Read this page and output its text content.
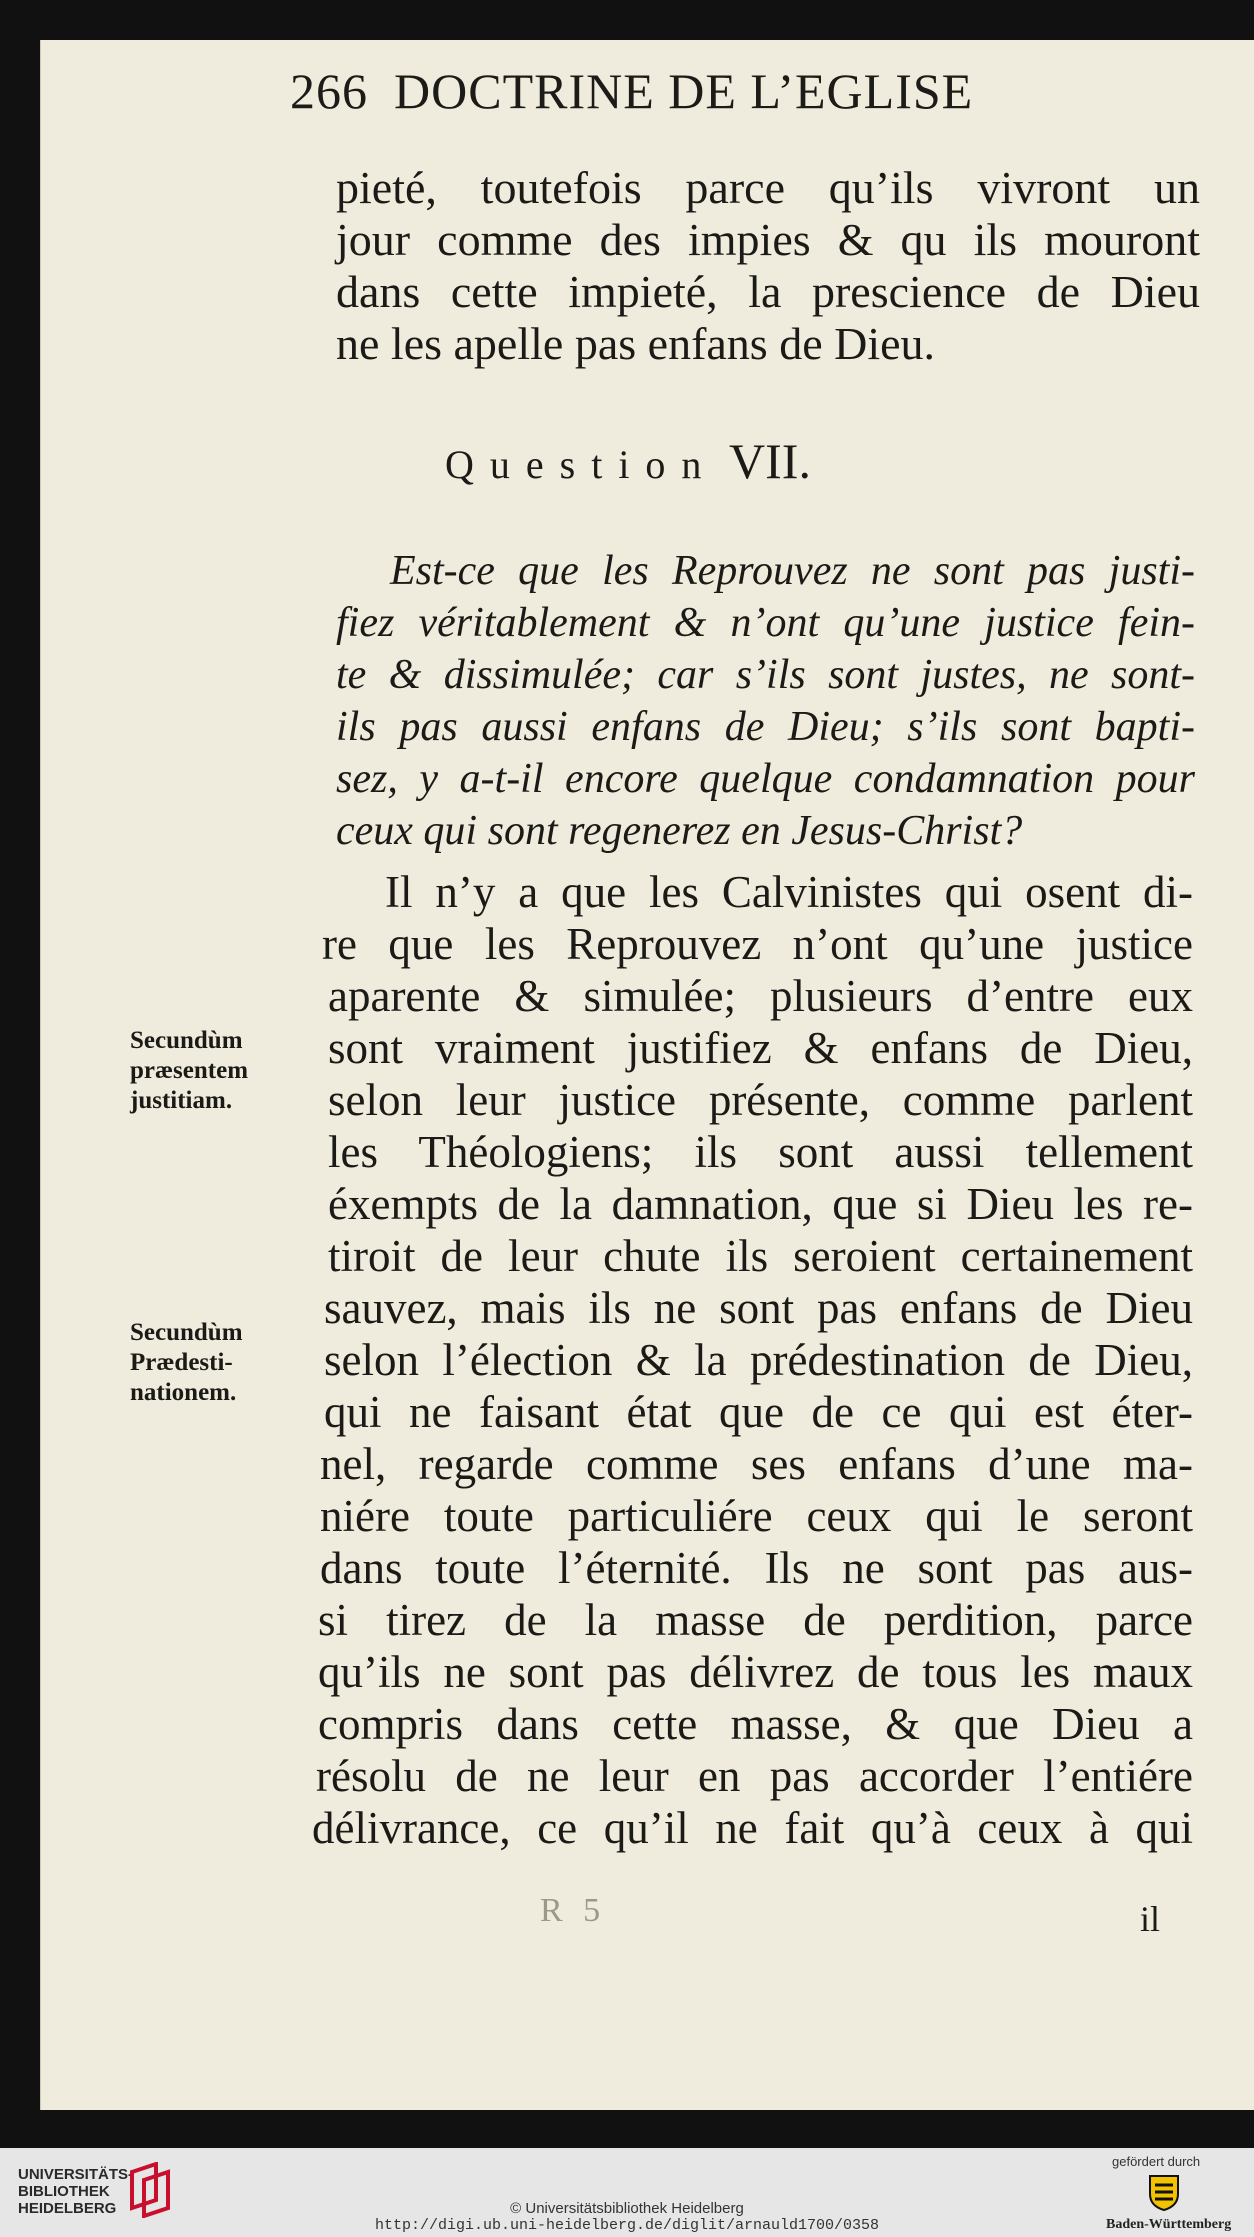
266 DOCTRINE DE L’EGLISE
pieté, toutefois parce qu’ils vivront un
jour comme des impies & qu ils mouront
dans cette impieté, la prescience de Dieu
ne les apelle pas enfans de Dieu.
Question VII.
Est-ce que les Reprouvez ne sont pas justi-
fiez véritablement & n’ont qu’une justice fein-
te & dissimulée; car s’ils sont justes, ne sont-
ils pas aussi enfans de Dieu; s’ils sont bapti-
sez, y a-t-il encore quelque condamnation pour
ceux qui sont regenerez en Jesus-Christ?
Il n’y a que les Calvinistes qui osent di-
re que les Reprouvez n’ont qu’une justice
aparente & simulée; plusieurs d’entre eux
sont vraiment justifiez & enfans de Dieu,
selon leur justice présente, comme parlent
les Théologiens; ils sont aussi tellement
éxempts de la damnation, que si Dieu les re-
tiroit de leur chute ils seroient certainement
sauvez, mais ils ne sont pas enfans de Dieu
selon l’élection & la prédestination de Dieu,
qui ne faisant état que de ce qui est éter-
nel, regarde comme ses enfans d’une ma-
niére toute particuliére ceux qui le seront
dans toute l’éternité. Ils ne sont pas aus-
si tirez de la masse de perdition, parce
qu’ils ne sont pas délivrez de tous les maux
compris dans cette masse, & que Dieu a
résolu de ne leur en pas accorder l’entiére
délivrance, ce qu’il ne fait qu’à ceux à qui
Secundùm
præsentem
justitiam.
Secundùm
Prædesti-
nationem.
R 5	il
UNIVERSITÄTS-
BIBLIOTHEK
HEIDELBERG	© Universitätsbibliothek Heidelberg
http://digi.ub.uni-heidelberg.de/diglit/arnauld1700/0358
gefördert durch
Baden-Württemberg
